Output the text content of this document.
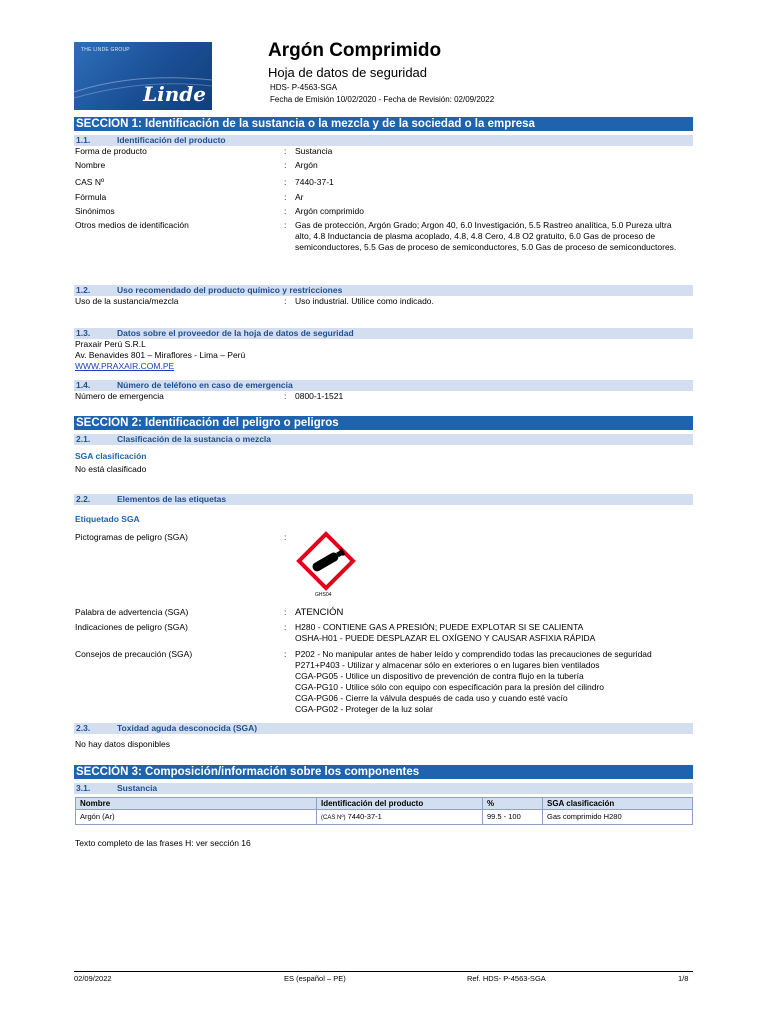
THE LINDE GROUP
Linde
Argón Comprimido
Hoja de datos de seguridad
HDS- P-4563-SGA
Fecha de Emisión 10/02/2020 - Fecha de Revisión: 02/09/2022
SECCION 1: Identificación de la sustancia o la mezcla y de la sociedad o la empresa
1.1.	Identificación del producto
Forma de producto	: Sustancia
Nombre	: Argón
CAS Nº	: 7440-37-1
Fórmula	: Ar
Sinónimos	: Argón comprimido
Otros medios de identificación	: Gas de protección, Argón Grado; Argon 40, 6.0 Investigación, 5.5 Rastreo analítica, 5.0 Pureza ultra alto, 4.8 Inductancia de plasma acoplado, 4.8, 4.8 Cero, 4.8 O2 gratuito, 6.0 Gas de proceso de semiconductores, 5.5 Gas de proceso de semiconductores, 5.0 Gas de proceso de semiconductores.
1.2.	Uso recomendado del producto químico y restricciones
Uso de la sustancia/mezcla	: Uso industrial. Utilice como indicado.
1.3.	Datos sobre el proveedor de la hoja de datos de seguridad
Praxair Perú S.R.L
Av. Benavides 801 – Miraflores - Lima – Perú
WWW.PRAXAIR.COM.PE
1.4.	Número de teléfono en caso de emergencia
Número de emergencia	: 0800-1-1521
SECCION 2: Identificación del peligro o peligros
2.1.	Clasificación de la sustancia o mezcla
SGA clasificación
No está clasificado
2.2.	Elementos de las etiquetas
Etiquetado SGA
Pictogramas de peligro (SGA)	:
GHS04
Palabra de advertencia (SGA)	: ATENCIÓN
Indicaciones de peligro (SGA)	: H280 - CONTIENE GAS A PRESIÓN; PUEDE EXPLOTAR SI SE CALIENTA
OSHA-H01 - PUEDE DESPLAZAR EL OXÍGENO Y CAUSAR ASFIXIA RÁPIDA
Consejos de precaución (SGA)	: P202 - No manipular antes de haber leído y comprendido todas las precauciones de seguridad
P271+P403 - Utilizar y almacenar sólo en exteriores o en lugares bien ventilados
CGA-PG05 - Utilice un dispositivo de prevención de contra flujo en la tubería
CGA-PG10 - Utilice sólo con equipo con especificación para la presión del cilindro
CGA-PG06 - Cierre la válvula después de cada uso y cuando esté vacío
CGA-PG02 - Proteger de la luz solar
2.3.	Toxidad aguda desconocida (SGA)
No hay datos disponibles
SECCIÓN 3: Composición/información sobre los componentes
3.1.	Sustancia
Nombre	Identificación del producto	%	SGA clasificación
Argón (Ar)	(CAS Nº) 7440-37-1	99.5 - 100	Gas comprimido H280
Texto completo de las frases H: ver sección 16
02/09/2022	ES (español – PE)	Ref. HDS- P-4563-SGA	1/8
